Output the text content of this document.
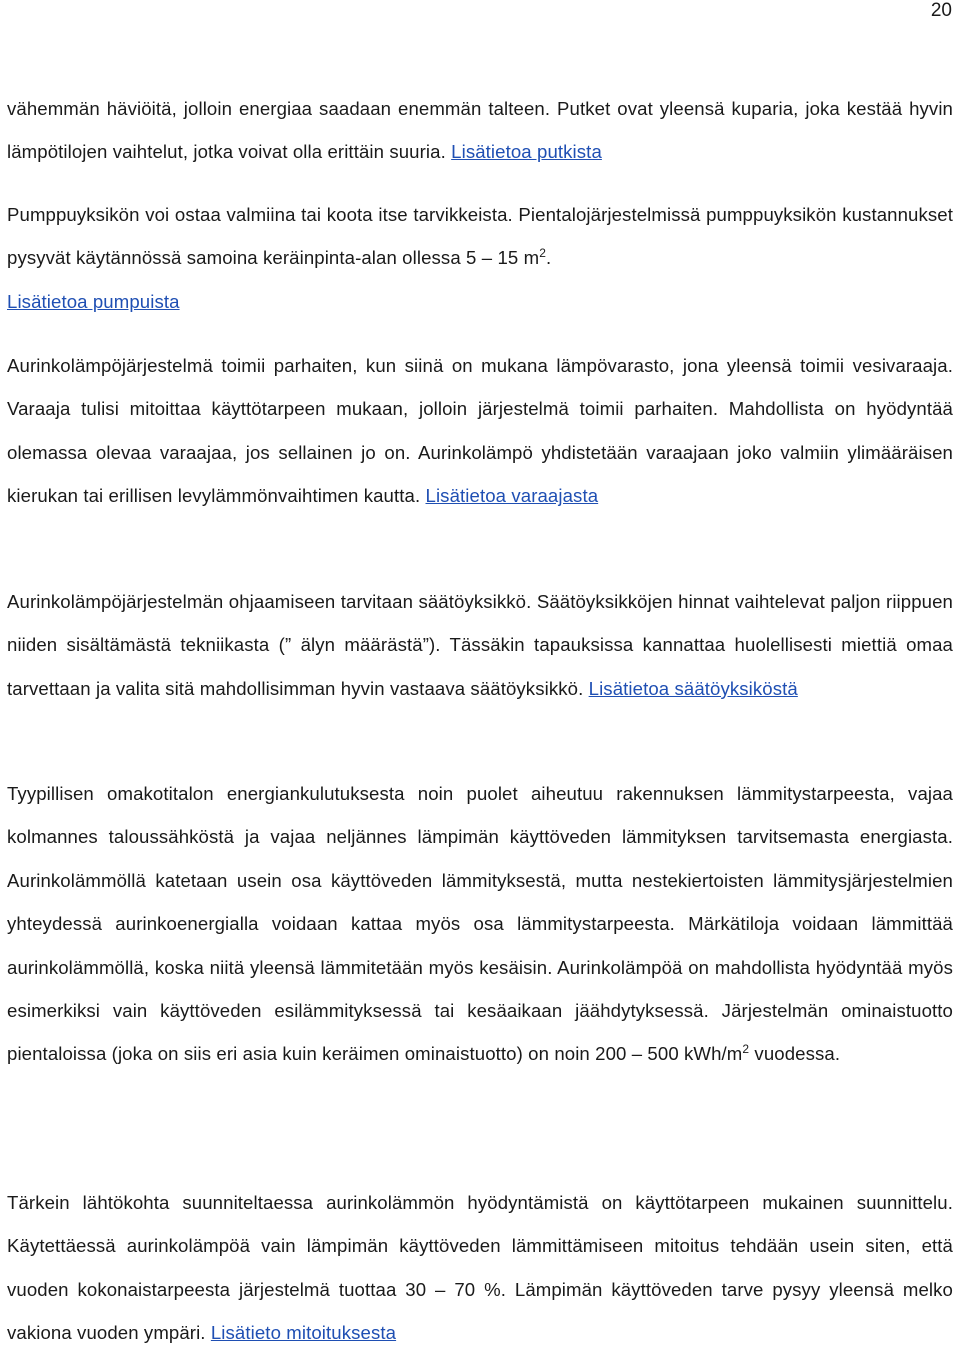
20

vähemmän häviöitä, jolloin energiaa saadaan enemmän talteen. Putket ovat yleensä kuparia, joka kestää hyvin lämpötilojen vaihtelut, jotka voivat olla erittäin suuria. Lisätietoa putkista

Pumppuyksikön voi ostaa valmiina tai koota itse tarvikkeista. Pientalojärjestelmissä pumppuyksikön kustannukset pysyvät käytännössä samoina keräinpinta-alan ollessa 5 – 15 $m^2$.
Lisätietoa pumpuista

Aurinkolämpöjärjestelmä toimii parhaiten, kun siinä on mukana lämpövarasto, jona yleensä toimii vesivaraaja. Varaaja tulisi mitoittaa käyttötarpeen mukaan, jolloin järjestelmä toimii parhaiten. Mahdollista on hyödyntää olemassa olevaa varaajaa, jos sellainen jo on. Aurinkolämpö yhdistetään varaajaan joko valmiin ylimääräisen kierukan tai erillisen levylämmönvaihtimen kautta. Lisätietoa varaajasta

Aurinkolämpöjärjestelmän ohjaamiseen tarvitaan säätöyksikkö. Säätöyksikköjen hinnat vaihtelevat paljon riippuen niiden sisältämästä tekniikasta (” älyn määrästä”). Tässäkin tapauksissa kannattaa huolellisesti miettiä omaa tarvettaan ja valita sitä mahdollisimman hyvin vastaava säätöyksikkö. Lisätietoa säätöyksiköstä

Tyypillisen omakotitalon energiankulutuksesta noin puolet aiheutuu rakennuksen lämmitystarpeesta, vajaa kolmannes taloussähköstä ja vajaa neljännes lämpimän käyttöveden lämmityksen tarvitsemasta energiasta. Aurinkolämmöllä katetaan usein osa käyttöveden lämmityksestä, mutta nestekiertoisten lämmitysjärjestelmien yhteydessä aurinkoenergialla voidaan kattaa myös osa lämmitystarpeesta. Märkätiloja voidaan lämmittää aurinkolämmöllä, koska niitä yleensä lämmitetään myös kesäisin. Aurinkolämpöä on mahdollista hyödyntää myös esimerkiksi vain käyttöveden esilämmityksessä tai kesäaikaan jäähdytyksessä. Järjestelmän ominaistuotto pientaloissa (joka on siis eri asia kuin keräimen ominaistuotto) on noin 200 – 500 kWh/$m^2$ vuodessa.

Tärkein lähtökohta suunniteltaessa aurinkolämmön hyödyntämistä on käyttötarpeen mukainen suunnittelu. Käytettäessä aurinkolämpöä vain lämpimän käyttöveden lämmittämiseen mitoitus tehdään usein siten, että vuoden kokonaistarpeesta järjestelmä tuottaa 30 – 70 %. Lämpimän käyttöveden tarve pysyy yleensä melko vakiona vuoden ympäri. Lisätieto mitoituksesta
